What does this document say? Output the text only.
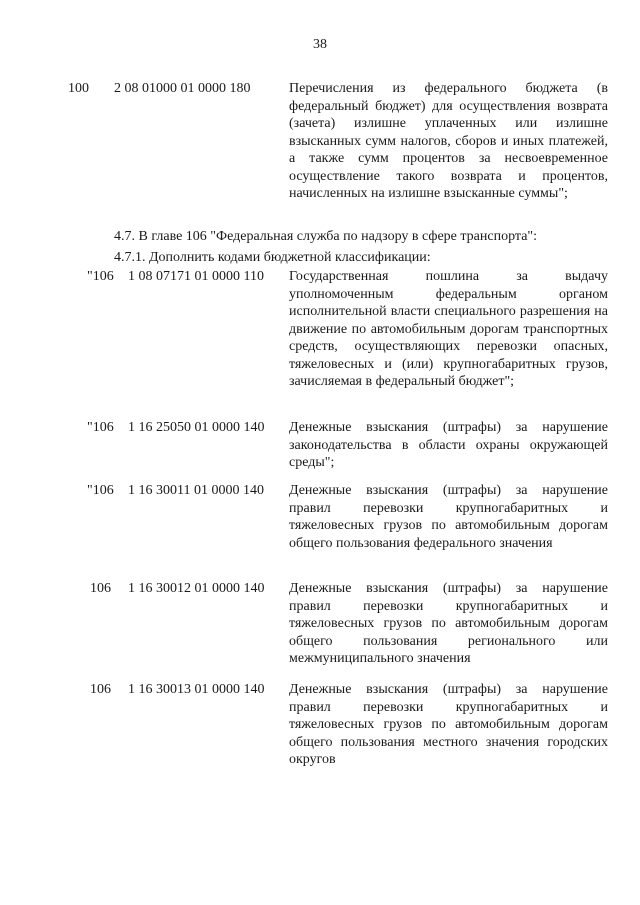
38
100 2 08 01000 01 0000 180	Перечисления из федерального бюджета (в федеральный бюджет) для осуществления возврата (зачета) излишне уплаченных или излишне взысканных сумм налогов, сборов и иных платежей, а также сумм процентов за несвоевременное осуществление такого возврата и процентов, начисленных на излишне взысканные суммы";
4.7. В главе 106 "Федеральная служба по надзору в сфере транспорта":
4.7.1. Дополнить кодами бюджетной классификации:
"106 1 08 07171 01 0000 110 Государственная пошлина за выдачу уполномоченным федеральным органом исполнительной власти специального разрешения на движение по автомобильным дорогам транспортных средств, осуществляющих перевозки опасных, тяжеловесных и (или) крупногабаритных грузов, зачисляемая в федеральный бюджет";
"106 1 16 25050 01 0000 140 Денежные взыскания (штрафы) за нарушение законодательства в области охраны окружающей среды";
"106 1 16 30011 01 0000 140 Денежные взыскания (штрафы) за нарушение правил перевозки крупногабаритных и тяжеловесных грузов по автомобильным дорогам общего пользования федерального значения
106 1 16 30012 01 0000 140 Денежные взыскания (штрафы) за нарушение правил перевозки крупногабаритных и тяжеловесных грузов по автомобильным дорогам общего пользования регионального или межмуниципального значения
106 1 16 30013 01 0000 140 Денежные взыскания (штрафы) за нарушение правил перевозки крупногабаритных и тяжеловесных грузов по автомобильным дорогам общего пользования местного значения городских округов
